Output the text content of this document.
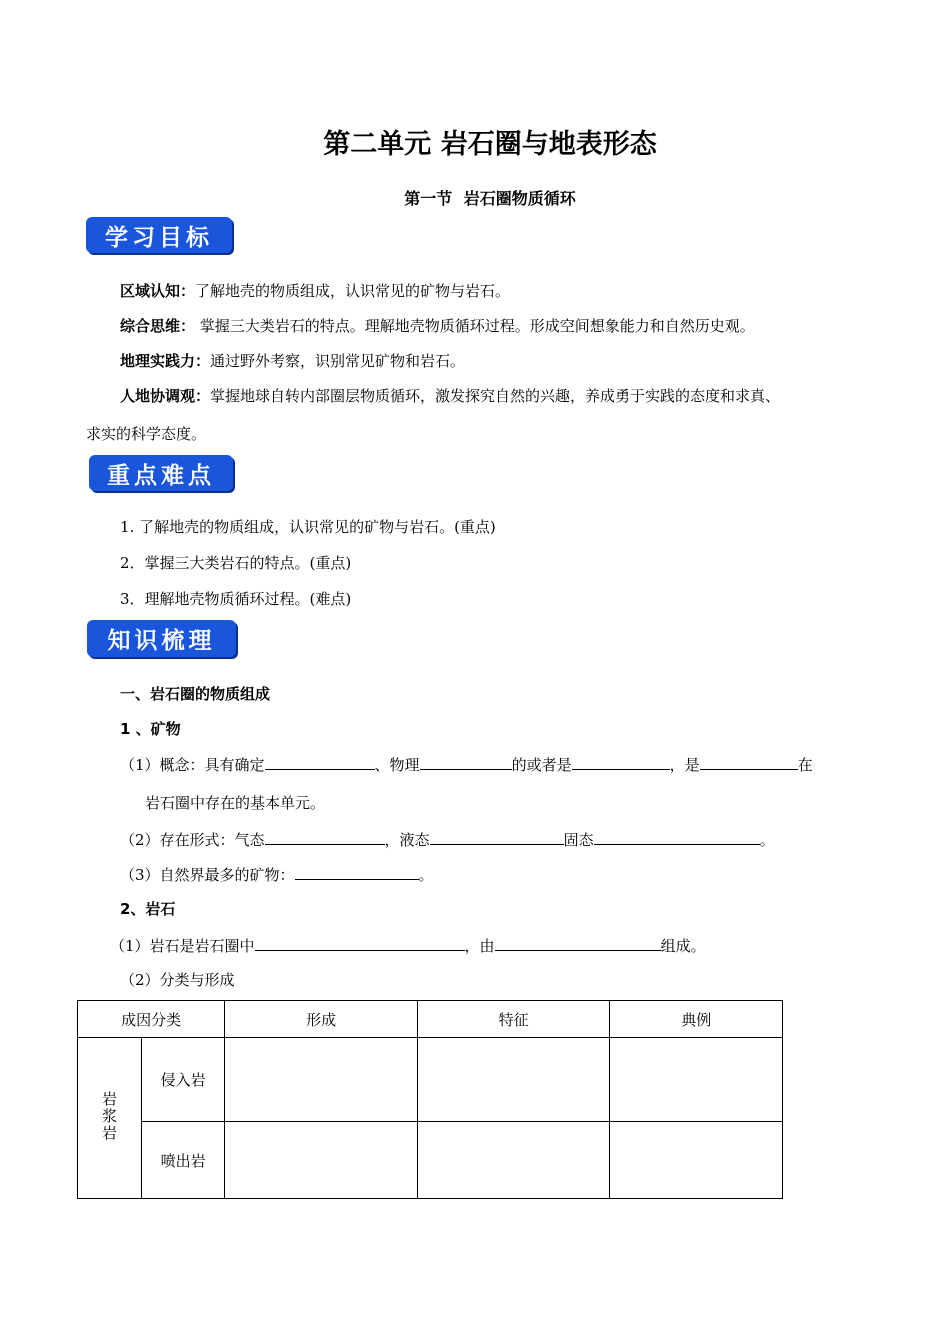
第二单元 岩石圈与地表形态
第一节 岩石圈物质循环
学习目标
区域认知：了解地壳的物质组成，认识常见的矿物与岩石。
综合思维： 掌握三大类岩石的特点。理解地壳物质循环过程。形成空间想象能力和自然历史观。
地理实践力：通过野外考察，识别常见矿物和岩石。
人地协调观：掌握地球自转内部圈层物质循环，激发探究自然的兴趣，养成勇于实践的态度和求真、
求实的科学态度。
重点难点
1. 了解地壳的物质组成，认识常见的矿物与岩石。(重点)
2．掌握三大类岩石的特点。(重点)
3．理解地壳物质循环过程。(难点)
知识梳理
一、岩石圈的物质组成
1 、矿物
（1）概念：具有确定	、物理	的或者是	，是	在
岩石圈中存在的基本单元。
（2）存在形式：气态	，液态	固态	。
（3）自然界最多的矿物：	。
2、岩石
（1）岩石是岩石圈中	，由	组成。
（2）分类与形成
成因分类		形成	特征	典例
岩浆岩	侵入岩			
	喷出岩			
